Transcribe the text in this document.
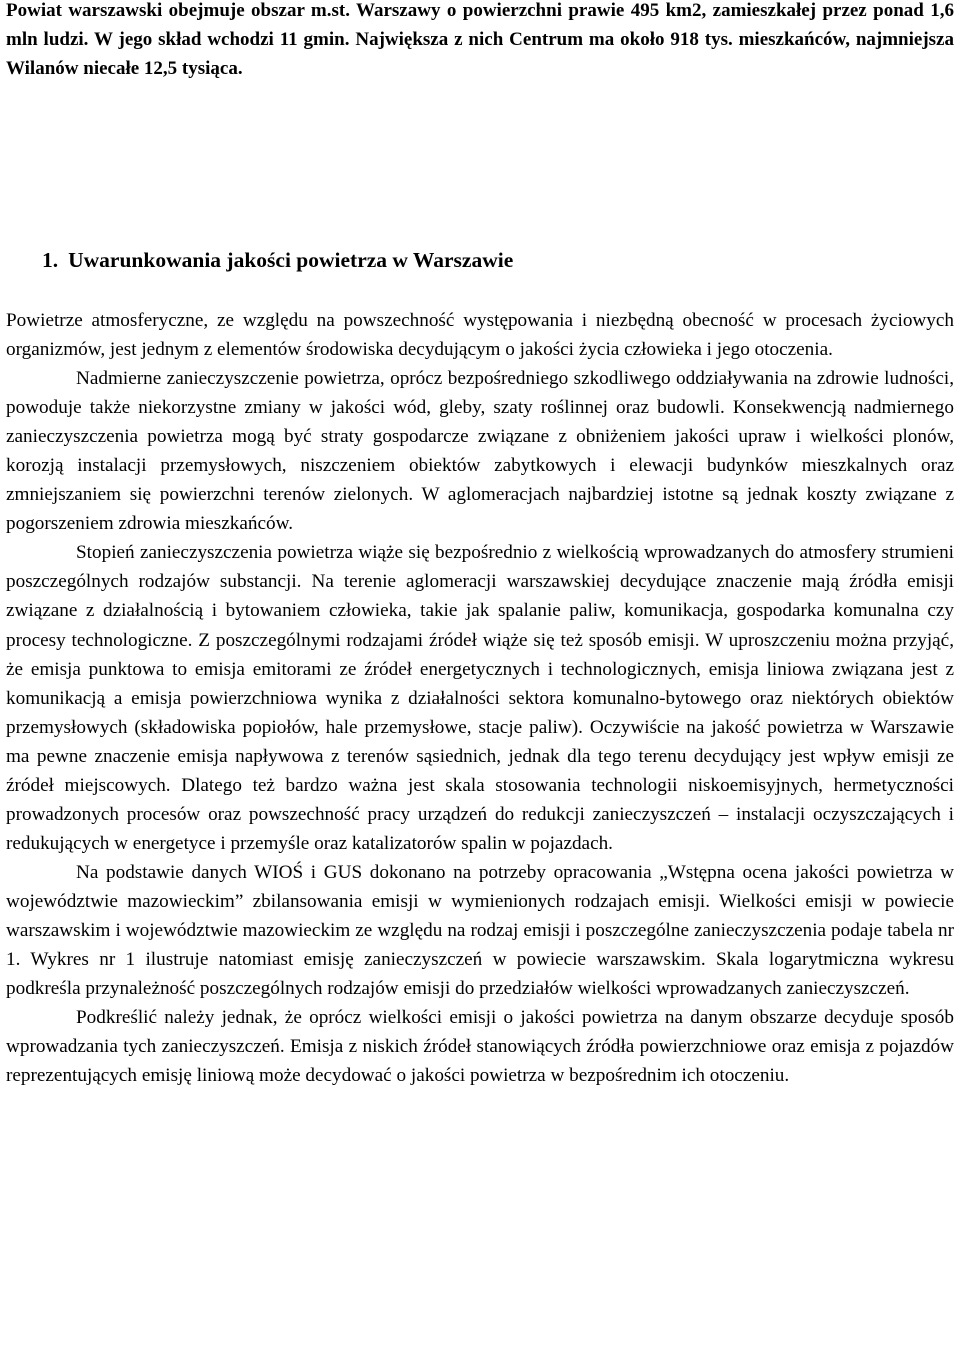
Powiat warszawski obejmuje obszar m.st. Warszawy o powierzchni prawie 495 km2, zamieszkałej przez ponad 1,6 mln ludzi. W jego skład wchodzi 11 gmin. Największa z nich Centrum ma około 918 tys. mieszkańców, najmniejsza Wilanów niecałe 12,5 tysiąca.

1. Uwarunkowania jakości powietrza w Warszawie

Powietrze atmosferyczne, ze względu na powszechność występowania i niezbędną obecność w procesach życiowych organizmów, jest jednym z elementów środowiska decydującym o jakości życia człowieka i jego otoczenia.

Nadmierne zanieczyszczenie powietrza, oprócz bezpośredniego szkodliwego oddziaływania na zdrowie ludności, powoduje także niekorzystne zmiany w jakości wód, gleby, szaty roślinnej oraz budowli. Konsekwencją nadmiernego zanieczyszczenia powietrza mogą być straty gospodarcze związane z obniżeniem jakości upraw i wielkości plonów, korozją instalacji przemysłowych, niszczeniem obiektów zabytkowych i elewacji budynków mieszkalnych oraz zmniejszaniem się powierzchni terenów zielonych. W aglomeracjach najbardziej istotne są jednak koszty związane z pogorszeniem zdrowia mieszkańców.

Stopień zanieczyszczenia powietrza wiąże się bezpośrednio z wielkością wprowadzanych do atmosfery strumieni poszczególnych rodzajów substancji. Na terenie aglomeracji warszawskiej decydujące znaczenie mają źródła emisji związane z działalnością i bytowaniem człowieka, takie jak spalanie paliw, komunikacja, gospodarka komunalna czy procesy technologiczne. Z poszczególnymi rodzajami źródeł wiąże się też sposób emisji. W uproszczeniu można przyjąć, że emisja punktowa to emisja emitorami ze źródeł energetycznych i technologicznych, emisja liniowa związana jest z komunikacją a emisja powierzchniowa wynika z działalności sektora komunalno-bytowego oraz niektórych obiektów przemysłowych (składowiska popiołów, hale przemysłowe, stacje paliw). Oczywiście na jakość powietrza w Warszawie ma pewne znaczenie emisja napływowa z terenów sąsiednich, jednak dla tego terenu decydujący jest wpływ emisji ze źródeł miejscowych. Dlatego też bardzo ważna jest skala stosowania technologii niskoemisyjnych, hermetyczności prowadzonych procesów oraz powszechność pracy urządzeń do redukcji zanieczyszczeń – instalacji oczyszczających i redukujących w energetyce i przemyśle oraz katalizatorów spalin w pojazdach.

Na podstawie danych WIOŚ i GUS dokonano na potrzeby opracowania „Wstępna ocena jakości powietrza w województwie mazowieckim” zbilansowania emisji w wymienionych rodzajach emisji. Wielkości emisji w powiecie warszawskim i województwie mazowieckim ze względu na rodzaj emisji i poszczególne zanieczyszczenia podaje tabela nr 1. Wykres nr 1 ilustruje natomiast emisję zanieczyszczeń w powiecie warszawskim. Skala logarytmiczna wykresu podkreśla przynależność poszczególnych rodzajów emisji do przedziałów wielkości wprowadzanych zanieczyszczeń.

Podkreślić należy jednak, że oprócz wielkości emisji o jakości powietrza na danym obszarze decyduje sposób wprowadzania tych zanieczyszczeń. Emisja z niskich źródeł stanowiących źródła powierzchniowe oraz emisja z pojazdów reprezentujących emisję liniową może decydować o jakości powietrza w bezpośrednim ich otoczeniu.
